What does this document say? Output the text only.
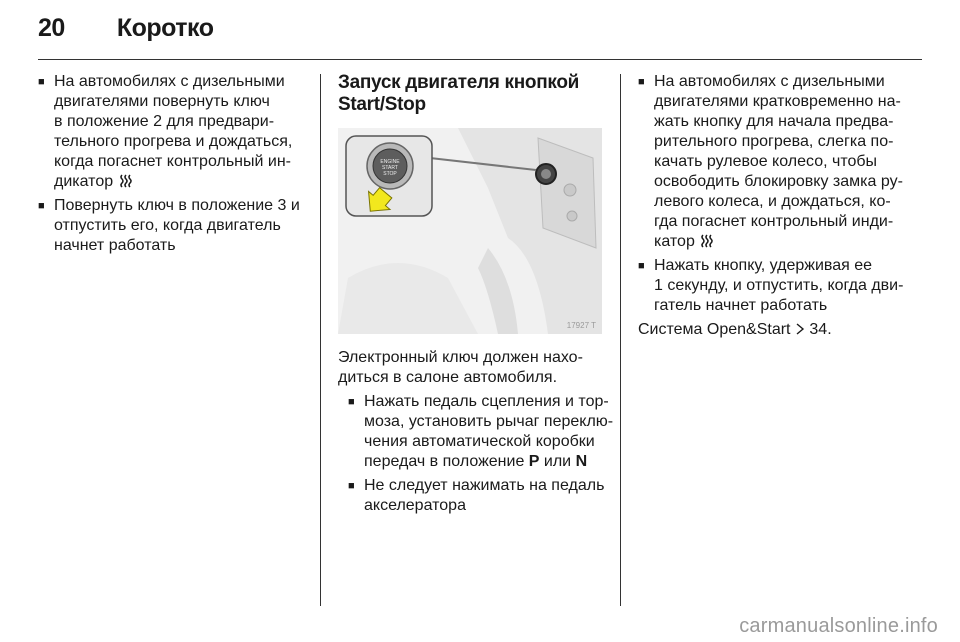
20 Коротко
■ На автомобилях с дизельными
двигателями повернуть ключ
в положение 2 для предвари-
тельного прогрева и дождаться,
когда погаснет контрольный ин-
дикатор
■ Повернуть ключ в положение 3 и
отпустить его, когда двигатель
начнет работать
Запуск двигателя кнопкой
Start/Stop
ENGINE
START
STOP
17927 T
Электронный ключ должен нахо-
диться в салоне автомобиля.
■ Нажать педаль сцепления и тор-
моза, установить рычаг переклю-
чения автоматической коробки
передач в положение P или N
■ Не следует нажимать на педаль
акселератора
■ На автомобилях с дизельными
двигателями кратковременно на-
жать кнопку для начала предва-
рительного прогрева, слегка по-
качать рулевое колесо, чтобы
освободить блокировку замка ру-
левого колеса, и дождаться, ко-
гда погаснет контрольный инди-
катор
■ Нажать кнопку, удерживая ее
1 секунду, и отпустить, когда дви-
гатель начнет работать
Система Open&Start 34.
carmanualsonline.info
